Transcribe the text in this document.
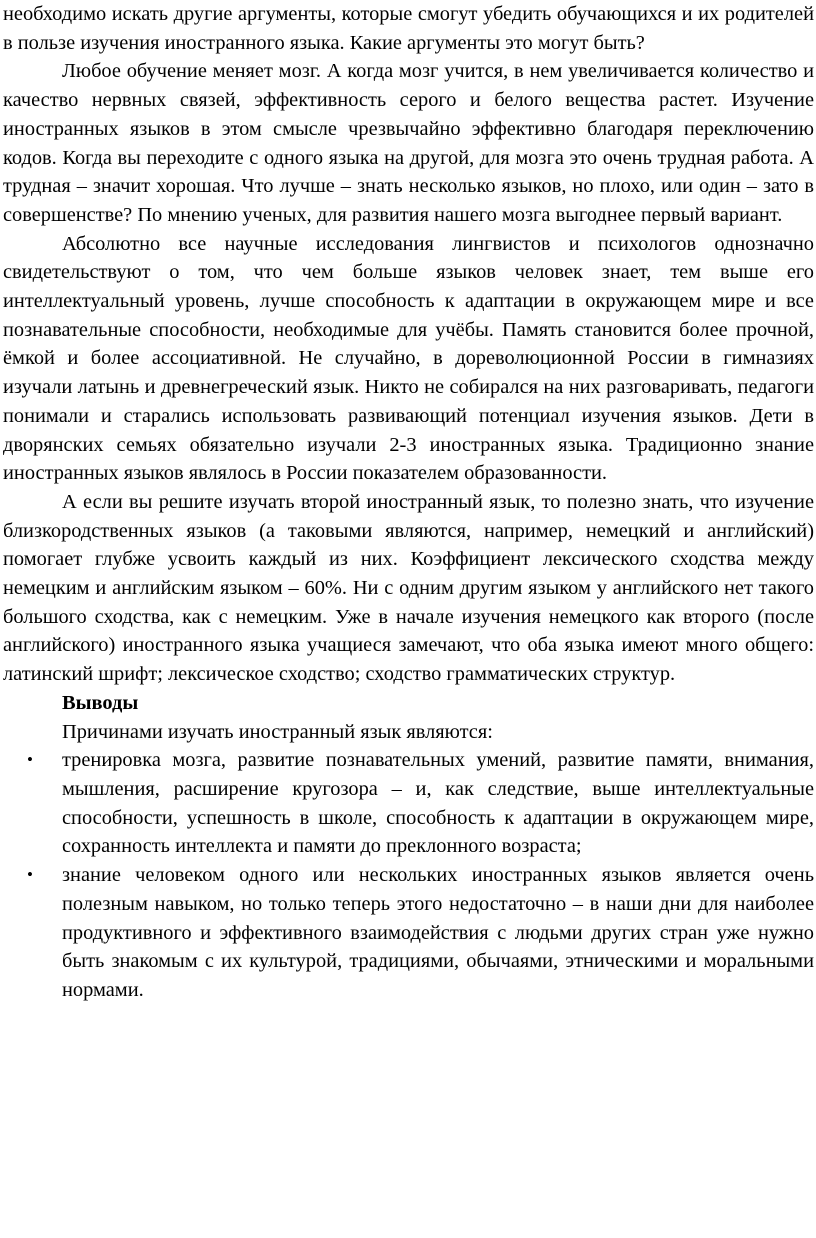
необходимо искать другие аргументы, которые смогут убедить обучающихся и их родителей в пользе изучения иностранного языка. Какие аргументы это могут быть?

Любое обучение меняет мозг. А когда мозг учится, в нем увеличивается количество и качество нервных связей, эффективность серого и белого вещества растет. Изучение иностранных языков в этом смысле чрезвычайно эффективно благодаря переключению кодов. Когда вы переходите с одного языка на другой, для мозга это очень трудная работа. А трудная – значит хорошая. Что лучше – знать несколько языков, но плохо, или один – зато в совершенстве? По мнению ученых, для развития нашего мозга выгоднее первый вариант.

Абсолютно все научные исследования лингвистов и психологов однозначно свидетельствуют о том, что чем больше языков человек знает, тем выше его интеллектуальный уровень, лучше способность к адаптации в окружающем мире и все познавательные способности, необходимые для учёбы. Память становится более прочной, ёмкой и более ассоциативной. Не случайно, в дореволюционной России в гимназиях изучали латынь и древнегреческий язык. Никто не собирался на них разговаривать, педагоги понимали и старались использовать развивающий потенциал изучения языков. Дети в дворянских семьях обязательно изучали 2-3 иностранных языка. Традиционно знание иностранных языков являлось в России показателем образованности.

А если вы решите изучать второй иностранный язык, то полезно знать, что изучение близкородственных языков (а таковыми являются, например, немецкий и английский) помогает глубже усвоить каждый из них. Коэффициент лексического сходства между немецким и английским языком – 60%. Ни с одним другим языком у английского нет такого большого сходства, как с немецким. Уже в начале изучения немецкого как второго (после английского) иностранного языка учащиеся замечают, что оба языка имеют много общего: латинский шрифт; лексическое сходство; сходство грамматических структур.

Выводы

Причинами изучать иностранный язык являются:

• тренировка мозга, развитие познавательных умений, развитие памяти, внимания, мышления, расширение кругозора – и, как следствие, выше интеллектуальные способности, успешность в школе, способность к адаптации в окружающем мире, сохранность интеллекта и памяти до преклонного возраста;
• знание человеком одного или нескольких иностранных языков является очень полезным навыком, но только теперь этого недостаточно – в наши дни для наиболее продуктивного и эффективного взаимодействия с людьми других стран уже нужно быть знакомым с их культурой, традициями, обычаями, этническими и моральными нормами.
